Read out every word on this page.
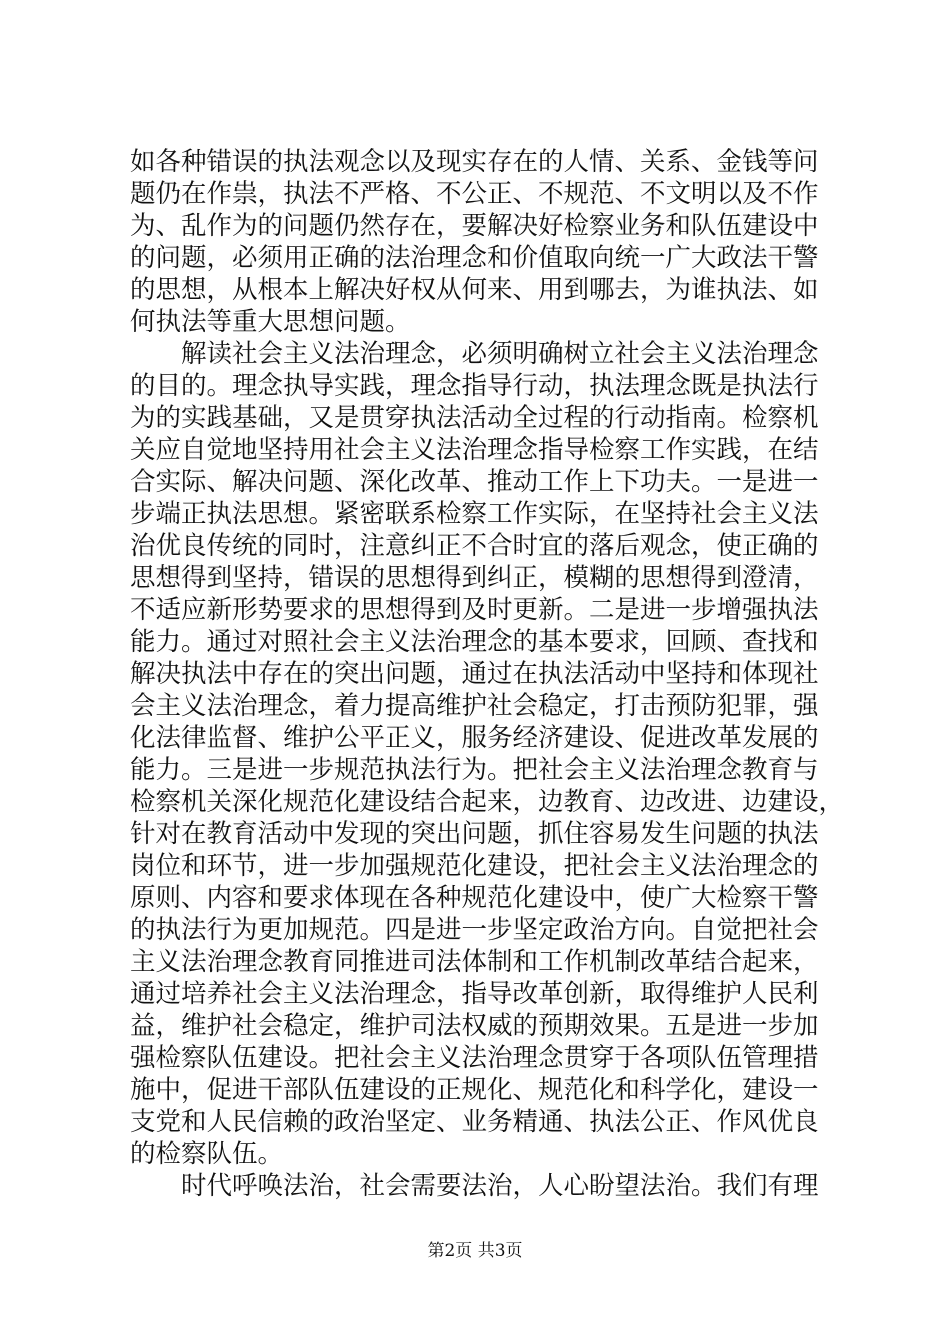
如各种错误的执法观念以及现实存在的人情、关系、金钱等问
题仍在作祟，执法不严格、不公正、不规范、不文明以及不作
为、乱作为的问题仍然存在，要解决好检察业务和队伍建设中
的问题，必须用正确的法治理念和价值取向统一广大政法干警
的思想，从根本上解决好权从何来、用到哪去，为谁执法、如
何执法等重大思想问题。
　　解读社会主义法治理念，必须明确树立社会主义法治理念
的目的。理念执导实践，理念指导行动，执法理念既是执法行
为的实践基础，又是贯穿执法活动全过程的行动指南。检察机
关应自觉地坚持用社会主义法治理念指导检察工作实践，在结
合实际、解决问题、深化改革、推动工作上下功夫。一是进一
步端正执法思想。紧密联系检察工作实际，在坚持社会主义法
治优良传统的同时，注意纠正不合时宜的落后观念，使正确的
思想得到坚持，错误的思想得到纠正，模糊的思想得到澄清，
不适应新形势要求的思想得到及时更新。二是进一步增强执法
能力。通过对照社会主义法治理念的基本要求，回顾、查找和
解决执法中存在的突出问题，通过在执法活动中坚持和体现社
会主义法治理念，着力提高维护社会稳定，打击预防犯罪，强
化法律监督、维护公平正义，服务经济建设、促进改革发展的
能力。三是进一步规范执法行为。把社会主义法治理念教育与
检察机关深化规范化建设结合起来，边教育、边改进、边建设，
针对在教育活动中发现的突出问题，抓住容易发生问题的执法
岗位和环节，进一步加强规范化建设，把社会主义法治理念的
原则、内容和要求体现在各种规范化建设中，使广大检察干警
的执法行为更加规范。四是进一步坚定政治方向。自觉把社会
主义法治理念教育同推进司法体制和工作机制改革结合起来，
通过培养社会主义法治理念，指导改革创新，取得维护人民利
益，维护社会稳定，维护司法权威的预期效果。五是进一步加
强检察队伍建设。把社会主义法治理念贯穿于各项队伍管理措
施中，促进干部队伍建设的正规化、规范化和科学化，建设一
支党和人民信赖的政治坚定、业务精通、执法公正、作风优良
的检察队伍。
　　时代呼唤法治，社会需要法治，人心盼望法治。我们有理
第2页 共3页
